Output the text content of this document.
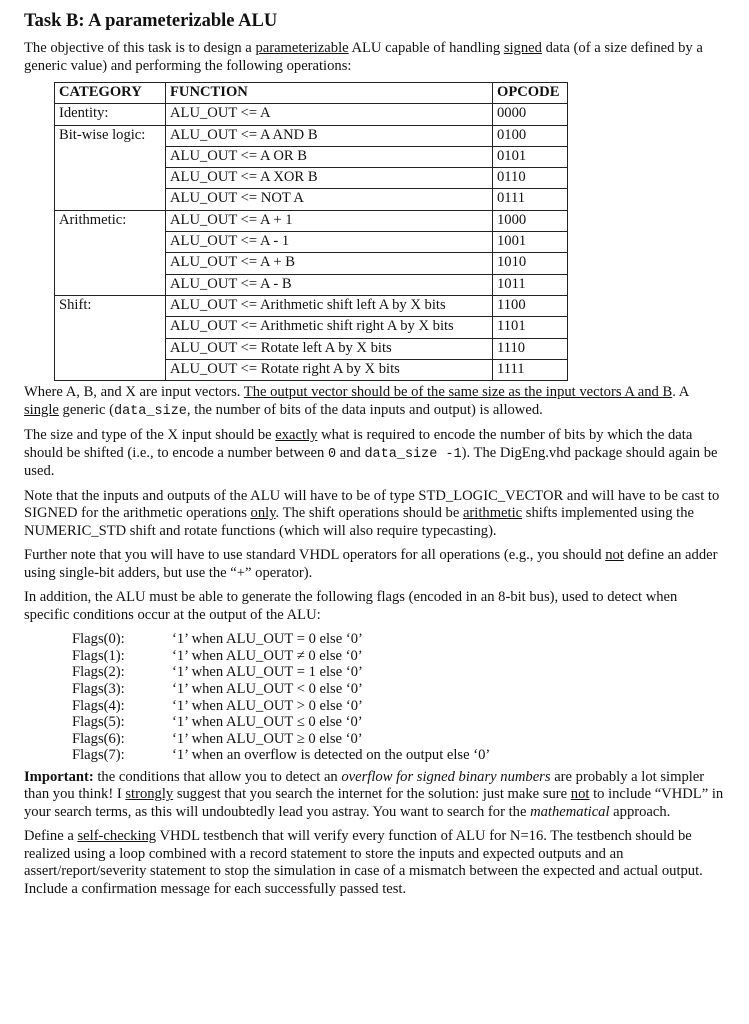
Task B: A parameterizable ALU

The objective of this task is to design a parameterizable ALU capable of handling signed data (of a size defined by a generic value) and performing the following operations:

CATEGORY	FUNCTION	OPCODE
Identity:	ALU_OUT <= A	0000
Bit-wise logic:	ALU_OUT <= A AND B	0100
	ALU_OUT <= A OR B	0101
	ALU_OUT <= A XOR B	0110
	ALU_OUT <= NOT A	0111
Arithmetic:	ALU_OUT <= A + 1	1000
	ALU_OUT <= A - 1	1001
	ALU_OUT <= A + B	1010
	ALU_OUT <= A - B	1011
Shift:	ALU_OUT <= Arithmetic shift left A by X bits	1100
	ALU_OUT <= Arithmetic shift right A by X bits	1101
	ALU_OUT <= Rotate left A by X bits	1110
	ALU_OUT <= Rotate right A by X bits	1111

Where A, B, and X are input vectors. The output vector should be of the same size as the input vectors A and B. A single generic (data_size, the number of bits of the data inputs and output) is allowed.

The size and type of the X input should be exactly what is required to encode the number of bits by which the data should be shifted (i.e., to encode a number between 0 and data_size -1). The DigEng.vhd package should again be used.

Note that the inputs and outputs of the ALU will have to be of type STD_LOGIC_VECTOR and will have to be cast to SIGNED for the arithmetic operations only. The shift operations should be arithmetic shifts implemented using the NUMERIC_STD shift and rotate functions (which will also require typecasting).

Further note that you will have to use standard VHDL operators for all operations (e.g., you should not define an adder using single-bit adders, but use the “+” operator).

In addition, the ALU must be able to generate the following flags (encoded in an 8-bit bus), used to detect when specific conditions occur at the output of the ALU:

Flags(0):	‘1’ when ALU_OUT = 0 else ‘0’
Flags(1):	‘1’ when ALU_OUT ≠ 0 else ‘0’
Flags(2):	‘1’ when ALU_OUT = 1 else ‘0’
Flags(3):	‘1’ when ALU_OUT < 0 else ‘0’
Flags(4):	‘1’ when ALU_OUT > 0 else ‘0’
Flags(5):	‘1’ when ALU_OUT ≤ 0 else ‘0’
Flags(6):	‘1’ when ALU_OUT ≥ 0 else ‘0’
Flags(7):	‘1’ when an overflow is detected on the output else ‘0’

Important: the conditions that allow you to detect an overflow for signed binary numbers are probably a lot simpler than you think! I strongly suggest that you search the internet for the solution: just make sure not to include “VHDL” in your search terms, as this will undoubtedly lead you astray. You want to search for the mathematical approach.

Define a self-checking VHDL testbench that will verify every function of ALU for N=16. The testbench should be realized using a loop combined with a record statement to store the inputs and expected outputs and an assert/report/severity statement to stop the simulation in case of a mismatch between the expected and actual output. Include a confirmation message for each successfully passed test.
